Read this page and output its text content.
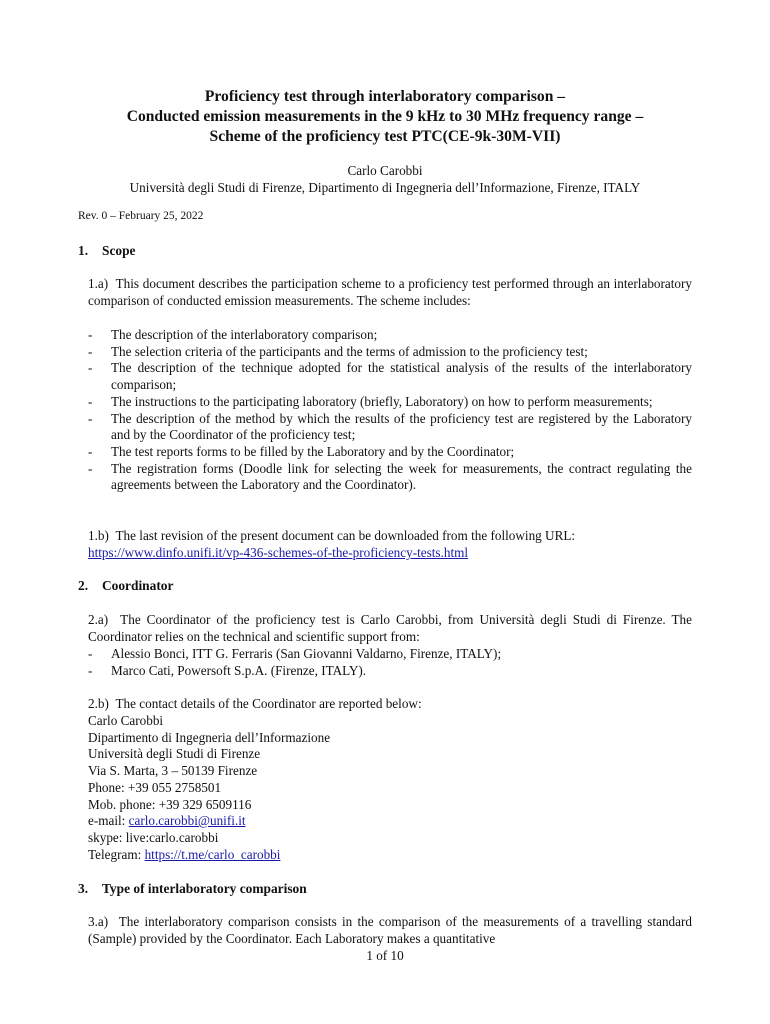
Proficiency test through interlaboratory comparison –
Conducted emission measurements in the 9 kHz to 30 MHz frequency range –
Scheme of the proficiency test PTC(CE-9k-30M-VII)
Carlo Carobbi
Università degli Studi di Firenze, Dipartimento di Ingegneria dell’Informazione, Firenze, ITALY
Rev. 0 – February 25, 2022
1. Scope
1.a) This document describes the participation scheme to a proficiency test performed through an interlaboratory comparison of conducted emission measurements. The scheme includes:
- The description of the interlaboratory comparison;
- The selection criteria of the participants and the terms of admission to the proficiency test;
- The description of the technique adopted for the statistical analysis of the results of the interlaboratory comparison;
- The instructions to the participating laboratory (briefly, Laboratory) on how to perform measurements;
- The description of the method by which the results of the proficiency test are registered by the Laboratory and by the Coordinator of the proficiency test;
- The test reports forms to be filled by the Laboratory and by the Coordinator;
- The registration forms (Doodle link for selecting the week for measurements, the contract regulating the agreements between the Laboratory and the Coordinator).
1.b) The last revision of the present document can be downloaded from the following URL:
https://www.dinfo.unifi.it/vp-436-schemes-of-the-proficiency-tests.html
2. Coordinator
2.a) The Coordinator of the proficiency test is Carlo Carobbi, from Università degli Studi di Firenze. The Coordinator relies on the technical and scientific support from:
- Alessio Bonci, ITT G. Ferraris (San Giovanni Valdarno, Firenze, ITALY);
- Marco Cati, Powersoft S.p.A. (Firenze, ITALY).
2.b) The contact details of the Coordinator are reported below:
Carlo Carobbi
Dipartimento di Ingegneria dell’Informazione
Università degli Studi di Firenze
Via S. Marta, 3 – 50139 Firenze
Phone: +39 055 2758501
Mob. phone: +39 329 6509116
e-mail: carlo.carobbi@unifi.it
skype: live:carlo.carobbi
Telegram: https://t.me/carlo_carobbi
3. Type of interlaboratory comparison
3.a) The interlaboratory comparison consists in the comparison of the measurements of a travelling standard (Sample) provided by the Coordinator. Each Laboratory makes a quantitative
1 of 10
